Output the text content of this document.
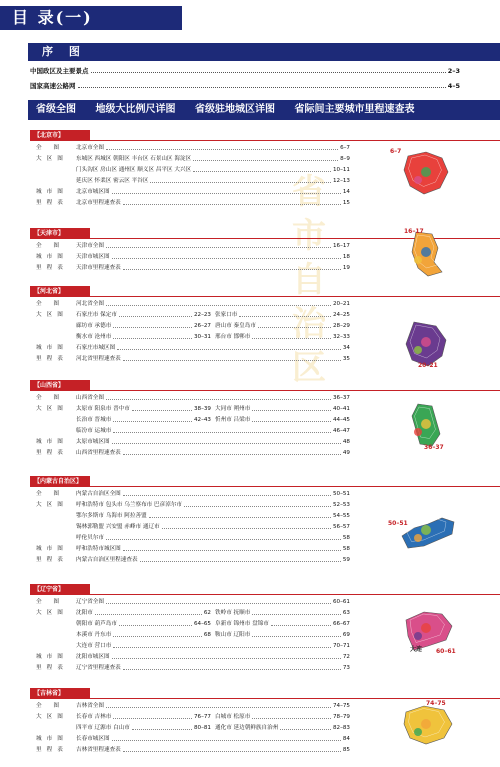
目 录(一)
序 图
中国政区及主要景点	2–3
国家高速公路网	4–5
省级全图 地级大比例尺详图 省级驻地城区详图 省际间主要城市里程速查表
省
市
自
治
区
【北京市】
全 图	北京市全图	6–7
大区图	东城区 西城区 朝阳区 丰台区 石景山区 海淀区	8–9
门头沟区 房山区 通州区 顺义区 昌平区 大兴区	10–11
延庆区 怀柔区 密云区 平谷区	12–13
城市图	北京市城区图	14
里程表	北京市里程速查表	15
【天津市】
全 图	天津市全图	16–17
城市图	天津市城区图	18
里程表	天津市里程速查表	19
【河北省】
全 图	河北省全图	20–21
大区图	石家庄市 保定市	22–23 张家口市	24–25
廊坊市 承德市	26–27 唐山市 秦皇岛市	28–29
衡水市 沧州市	30–31 邢台市 邯郸市	32–33
城市图	石家庄市城区图	34
里程表	河北省里程速查表	35
【山西省】
全 图	山西省全图	36–37
大区图	太原市 阳泉市 晋中市	38–39 大同市 朔州市	40–41
长治市 晋城市	42–43 忻州市 吕梁市	44–45
临汾市 运城市	46–47
城市图	太原市城区图	48
里程表	山西省里程速查表	49
【内蒙古自治区】
全 图	内蒙古自治区全图	50–51
大区图	呼和浩特市 包头市 乌兰察布市 巴彦淖尔市	52–53
鄂尔多斯市 乌海市 阿拉善盟	54–55
锡林郭勒盟 兴安盟 赤峰市 通辽市	56–57
呼伦贝尔市	58
城市图	呼和浩特市城区图	58
里程表	内蒙古自治区里程速查表	59
【辽宁省】
全 图	辽宁省全图	60–61
大区图	沈阳市	62 铁岭市 抚顺市	63
朝阳市 葫芦岛市	64–65 阜新市 锦州市 盘锦市	66–67
本溪市 丹东市	68 鞍山市 辽阳市	69
大连市 营口市	70–71
城市图	沈阳市城区图	72
里程表	辽宁省里程速查表	73
【吉林省】
全 图	吉林省全图	74–75
大区图	长春市 吉林市	76–77 白城市 松原市	78–79
四平市 辽源市 白山市	80–81 通化市 延边朝鲜族自治州	82–83
城市图	长春市城区图	84
里程表	吉林省里程速查表	85
6–7
16–17
20–21
36–37
50–51
60–61
大连
74–75
